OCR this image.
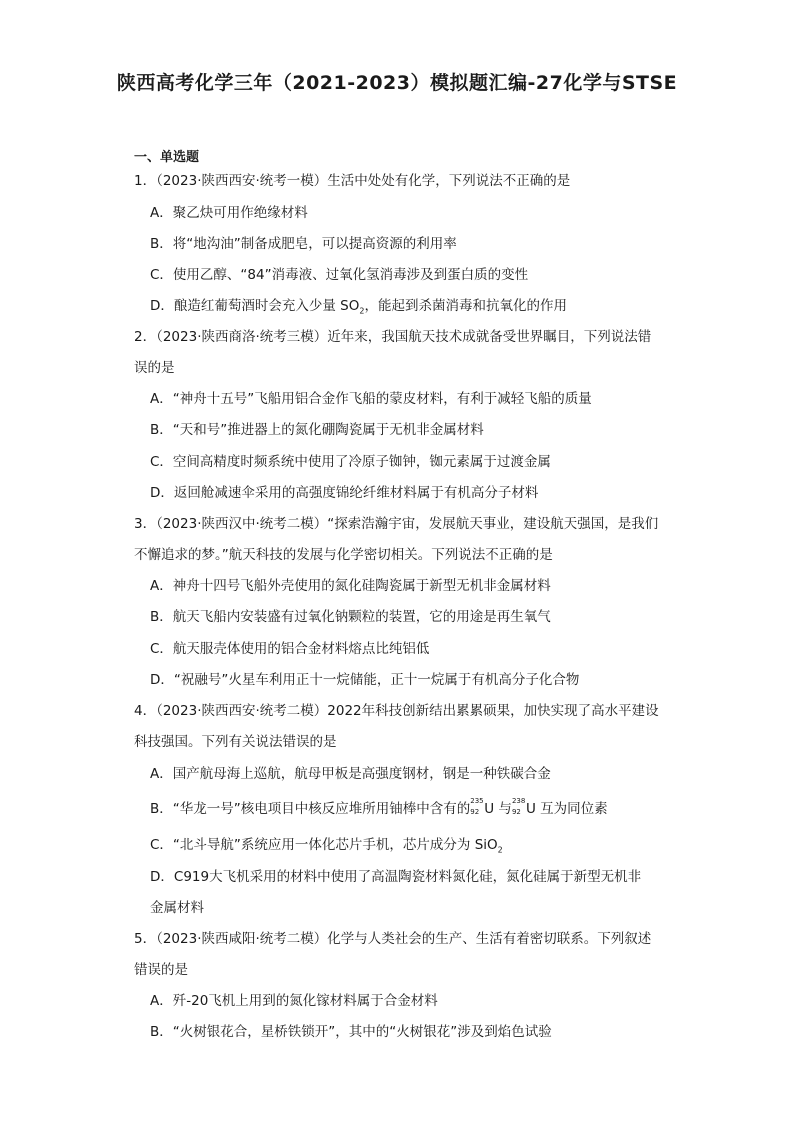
陕西高考化学三年（2021-2023）模拟题汇编-27化学与STSE
一、单选题
1．（2023·陕西西安·统考一模）生活中处处有化学，下列说法不正确的是
A．聚乙炔可用作绝缘材料
B．将“地沟油”制备成肥皂，可以提高资源的利用率
C．使用乙醇、“84”消毒液、过氧化氢消毒涉及到蛋白质的变性
D．酿造红葡萄酒时会充入少量 $SO_2$，能起到杀菌消毒和抗氧化的作用
2．（2023·陕西商洛·统考三模）近年来，我国航天技术成就备受世界瞩目，下列说法错
误的是
A．“神舟十五号”飞船用铝合金作飞船的蒙皮材料，有利于减轻飞船的质量
B．“天和号”推进器上的氮化硼陶瓷属于无机非金属材料
C．空间高精度时频系统中使用了冷原子铷钟，铷元素属于过渡金属
D．返回舱减速伞采用的高强度锦纶纤维材料属于有机高分子材料
3．（2023·陕西汉中·统考二模）“探索浩瀚宇宙，发展航天事业，建设航天强国，是我们
不懈追求的梦。”航天科技的发展与化学密切相关。下列说法不正确的是
A．神舟十四号飞船外壳使用的氮化硅陶瓷属于新型无机非金属材料
B．航天飞船内安装盛有过氧化钠颗粒的装置，它的用途是再生氧气
C．航天服壳体使用的铝合金材料熔点比纯铝低
D．“祝融号”火星车利用正十一烷储能，正十一烷属于有机高分子化合物
4．（2023·陕西西安·统考二模）2022年科技创新结出累累硕果，加快实现了高水平建设
科技强国。下列有关说法错误的是
A．国产航母海上巡航，航母甲板是高强度钢材，钢是一种铁碳合金
B．“华龙一号”核电项目中核反应堆所用铀棒中含有的 235
92 U 与 238
92 U 互为同位素
C．“北斗导航”系统应用一体化芯片手机，芯片成分为 SiO$_2$
D．C919大飞机采用的材料中使用了高温陶瓷材料氮化硅，氮化硅属于新型无机非
金属材料
5．（2023·陕西咸阳·统考二模）化学与人类社会的生产、生活有着密切联系。下列叙述
错误的是
A．歼-20飞机上用到的氮化镓材料属于合金材料
B．“火树银花合，星桥铁锁开”，其中的“火树银花”涉及到焰色试验
